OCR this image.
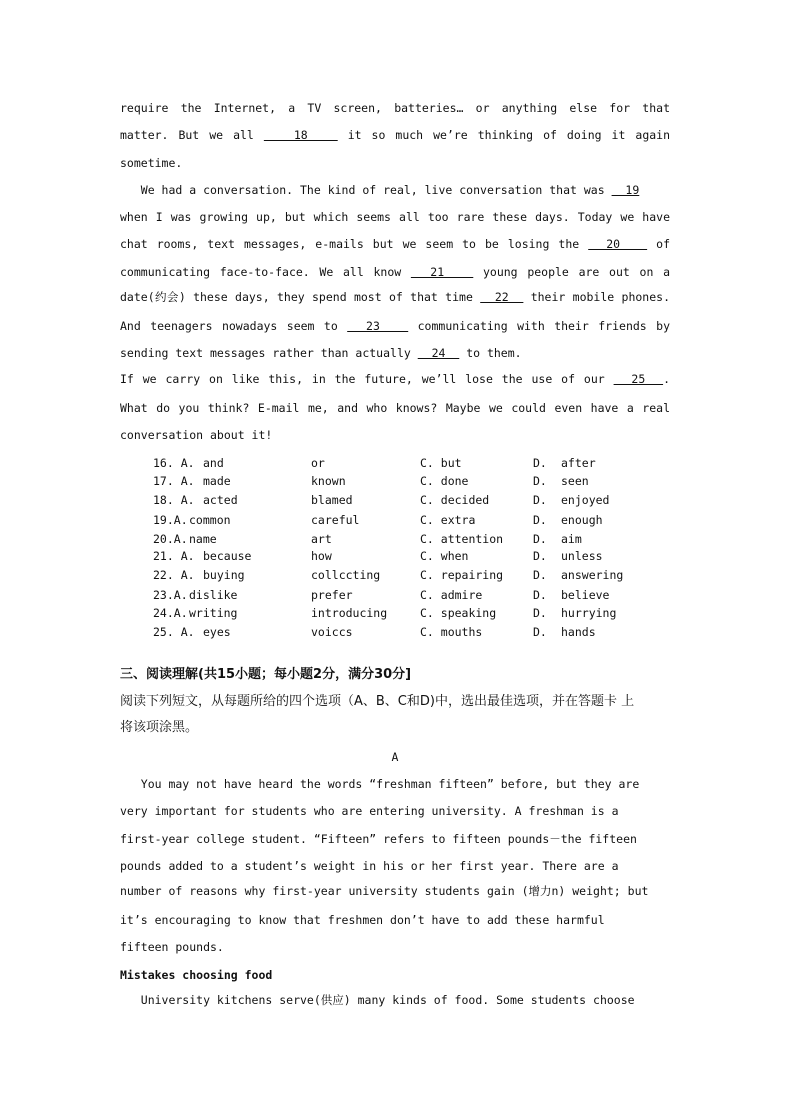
require the Internet, a TV screen, batteries… or anything else for that
matter. But we all    18    it so much we’re thinking of doing it again
sometime.
We had a conversation. The kind of real, live conversation that was   19
when I was growing up, but which seems all too rare these days. Today we have
chat rooms, text messages, e-mails but we seem to be losing the   20    of
communicating face-to-face. We all know   21    young people are out on a
date(约会) these days, they spend most of that time   22   their mobile phones.
And teenagers nowadays seem to   23    communicating with their friends by
sending text messages rather than actually   24   to them.
If we carry on like this, in the future, we’ll lose the use of our   25  .
What do you think? E-mail me, and who knows? Maybe we could even have a real
conversation about it!
16. A. and	or	C. but	D. after
17. A. made	known	C. done	D. seen
18. A. acted	blamed	C. decided	D. enjoyed
19.A. common	careful	C. extra	D. enough
20.A. name	art	C. attention	D. aim
21. A. because	how	C. when	D. unless
22. A. buying	collccting	C. repairing	D. answering
23.A. dislike	prefer	C. admire	D. believe
24.A. writing	introducing	C. speaking	D. hurrying
25. A. eyes	voiccs	C. mouths	D. hands
三、阅读理解(共15小题；每小题2分，满分30分]
阅读下列短文，从每题所给的四个选项（A、B、C和D)中，选出最佳选项，并在答题卡 上
将该项涂黑。
A
You may not have heard the words “freshman fifteen” before, but they are
very important for students who are entering university. A freshman is a
first-year college student. “Fifteen” refers to fifteen pounds－the fifteen
pounds added to a student’s weight in his or her first year. There are a
number of reasons why first-year university students gain (增力n) weight; but
it’s encouraging to know that freshmen don’t have to add these harmful
fifteen pounds.
Mistakes choosing food
University kitchens serve(供应) many kinds of food. Some students choose
